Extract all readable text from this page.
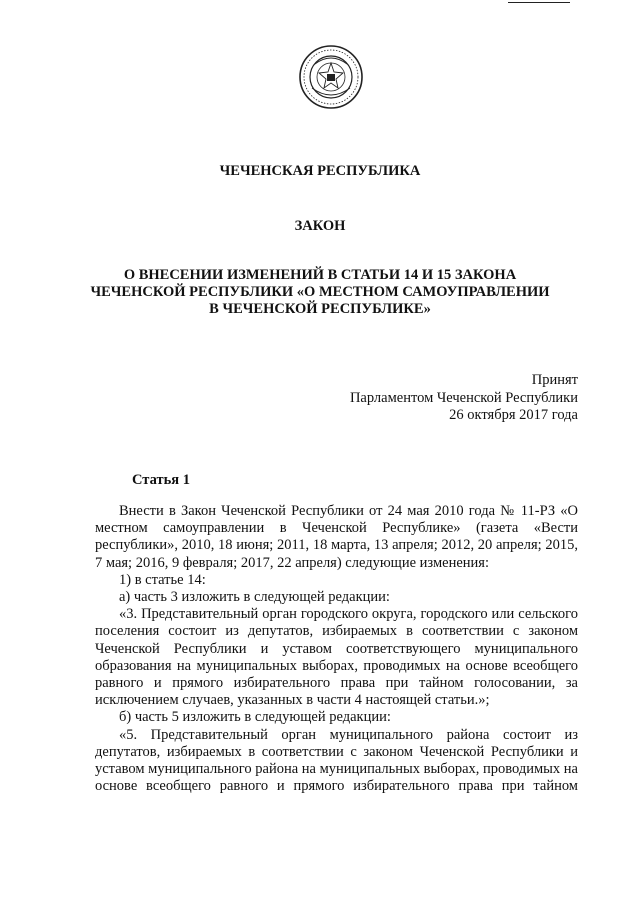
ЧЕЧЕНСКАЯ РЕСПУБЛИКА
ЗАКОН
О ВНЕСЕНИИ ИЗМЕНЕНИЙ В СТАТЬИ 14 И 15 ЗАКОНА
ЧЕЧЕНСКОЙ РЕСПУБЛИКИ «О МЕСТНОМ САМОУПРАВЛЕНИИ
В ЧЕЧЕНСКОЙ РЕСПУБЛИКЕ»
Принят
Парламентом Чеченской Республики
26 октября 2017 года
Статья 1

Внести в Закон Чеченской Республики от 24 мая 2010 года № 11-РЗ «О местном самоуправлении в Чеченской Республике» (газета «Вести республики», 2010, 18 июня; 2011, 18 марта, 13 апреля; 2012, 20 апреля; 2015, 7 мая; 2016, 9 февраля; 2017, 22 апреля) следующие изменения:

1) в статье 14:

а) часть 3 изложить в следующей редакции:

«3. Представительный орган городского округа, городского или сельского поселения состоит из депутатов, избираемых в соответствии с законом Чеченской Республики и уставом соответствующего муниципального образования на муниципальных выборах, проводимых на основе всеобщего равного и прямого избирательного права при тайном голосовании, за исключением случаев, указанных в части 4 настоящей статьи.»;

б) часть 5 изложить в следующей редакции:

«5. Представительный орган муниципального района состоит из депутатов, избираемых в соответствии с законом Чеченской Республики и уставом муниципального района на муниципальных выборах, проводимых на основе всеобщего равного и прямого избирательного права при тайном
